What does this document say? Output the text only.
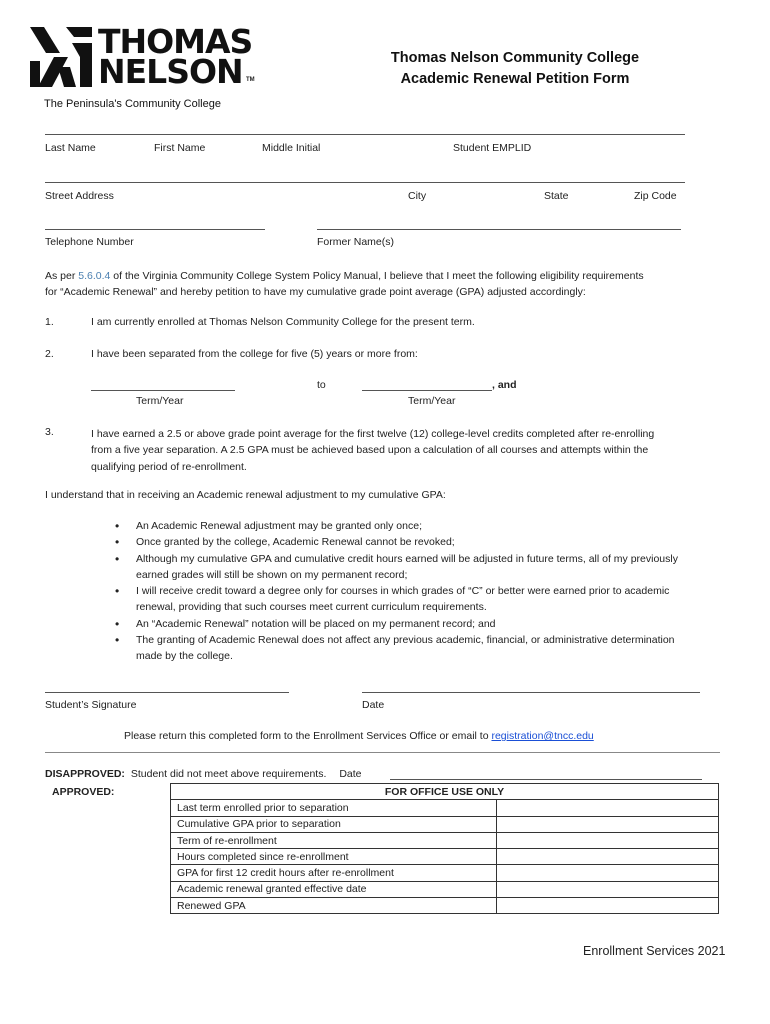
THOMAS
NELSON TM
The Peninsula's Community College
Thomas Nelson Community College
Academic Renewal Petition Form
Last Name	First Name	Middle Initial	Student EMPLID
Street Address	City	State	Zip Code
Telephone Number	Former Name(s)
As per 5.6.0.4 of the Virginia Community College System Policy Manual, I believe that I meet the following eligibility requirements
for “Academic Renewal” and hereby petition to have my cumulative grade point average (GPA) adjusted accordingly:
1.	I am currently enrolled at Thomas Nelson Community College for the present term.
2.	I have been separated from the college for five (5) years or more from:
to	, and
Term/Year	Term/Year
3.	I have earned a 2.5 or above grade point average for the first twelve (12) college-level credits completed after re-enrolling
from a five year separation. A 2.5 GPA must be achieved based upon a calculation of all courses and attempts within the
qualifying period of re-enrollment.
I understand that in receiving an Academic renewal adjustment to my cumulative GPA:
• An Academic Renewal adjustment may be granted only once;
• Once granted by the college, Academic Renewal cannot be revoked;
• Although my cumulative GPA and cumulative credit hours earned will be adjusted in future terms, all of my previously earned grades will still be shown on my permanent record;
• I will receive credit toward a degree only for courses in which grades of “C” or better were earned prior to academic renewal, providing that such courses meet current curriculum requirements.
• An “Academic Renewal” notation will be placed on my permanent record; and
• The granting of Academic Renewal does not affect any previous academic, financial, or administrative determination made by the college.
Student’s Signature	Date
Please return this completed form to the Enrollment Services Office or email to registration@tncc.edu
DISAPPROVED: Student did not meet above requirements. Date
APPROVED:	FOR OFFICE USE ONLY	
Last term enrolled prior to separation	
Cumulative GPA prior to separation	
Term of re-enrollment	
Hours completed since re-enrollment	
GPA for first 12 credit hours after re-enrollment	
Academic renewal granted effective date	
Renewed GPA	
Enrollment Services 2021
